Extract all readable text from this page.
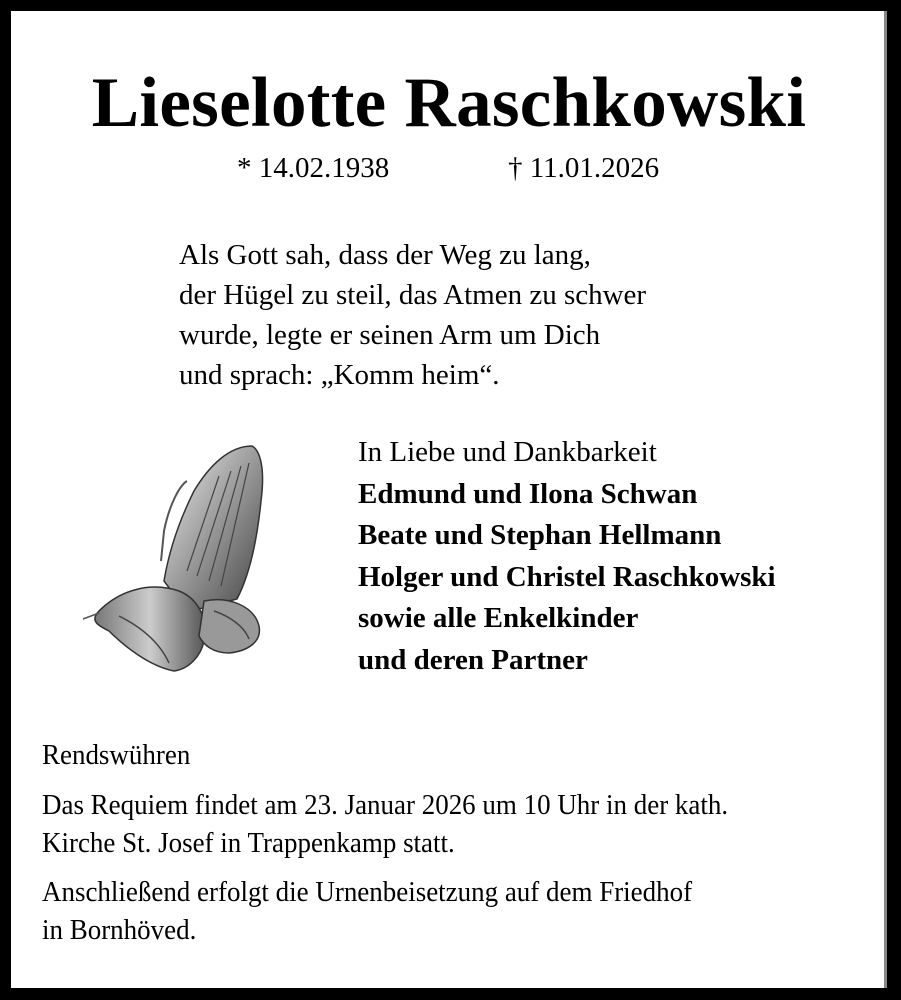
Lieselotte Raschkowski
* 14.02.1938	† 11.01.2026
Als Gott sah, dass der Weg zu lang,
der Hügel zu steil, das Atmen zu schwer
wurde, legte er seinen Arm um Dich
und sprach: „Komm heim“.
In Liebe und Dankbarkeit
Edmund und Ilona Schwan
Beate und Stephan Hellmann
Holger und Christel Raschkowski
sowie alle Enkelkinder
und deren Partner
Rendswühren
Das Requiem findet am 23. Januar 2026 um 10 Uhr in der kath.
Kirche St. Josef in Trappenkamp statt.
Anschließend erfolgt die Urnenbeisetzung auf dem Friedhof
in Bornhöved.
